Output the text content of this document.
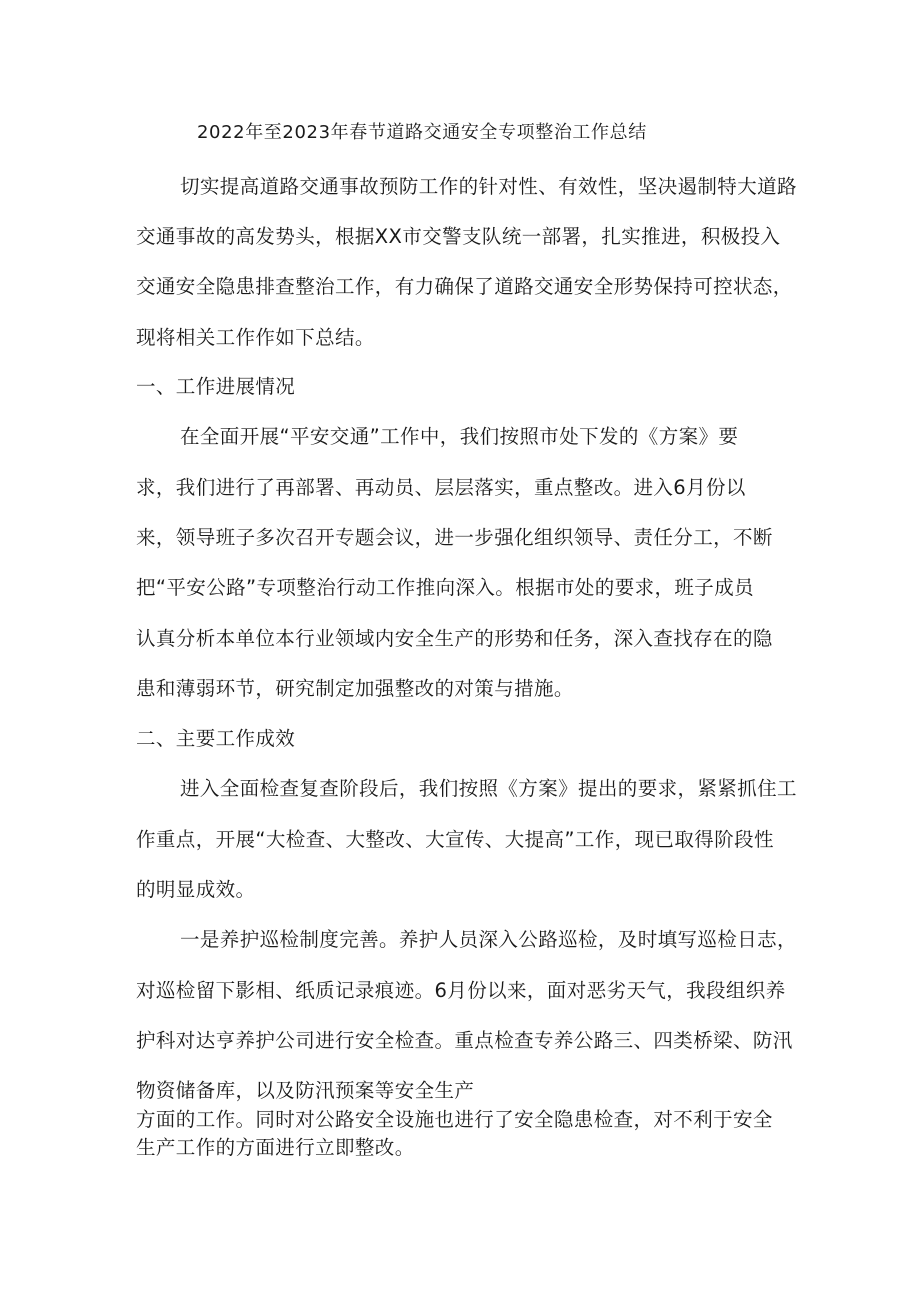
2022年至2023年春节道路交通安全专项整治工作总结
切实提高道路交通事故预防工作的针对性、有效性，坚决遏制特大道路
交通事故的高发势头，根据XX市交警支队统一部署，扎实推进，积极投入
交通安全隐患排查整治工作，有力确保了道路交通安全形势保持可控状态，
现将相关工作作如下总结。
一、工作进展情况
在全面开展“平安交通”工作中，我们按照市处下发的《方案》要
求，我们进行了再部署、再动员、层层落实，重点整改。进入6月份以
来，领导班子多次召开专题会议，进一步强化组织领导、责任分工，不断
把“平安公路”专项整治行动工作推向深入。根据市处的要求，班子成员
认真分析本单位本行业领域内安全生产的形势和任务，深入查找存在的隐
患和薄弱环节，研究制定加强整改的对策与措施。
二、主要工作成效
进入全面检查复查阶段后，我们按照《方案》提出的要求，紧紧抓住工
作重点，开展“大检查、大整改、大宣传、大提高”工作，现已取得阶段性
的明显成效。
一是养护巡检制度完善。养护人员深入公路巡检，及时填写巡检日志，
对巡检留下影相、纸质记录痕迹。6月份以来，面对恶劣天气，我段组织养
护科对达亨养护公司进行安全检查。重点检查专养公路三、四类桥梁、防汛
物资储备库，以及防汛预案等安全生产
方面的工作。同时对公路安全设施也进行了安全隐患检查，对不利于安全
生产工作的方面进行立即整改。
